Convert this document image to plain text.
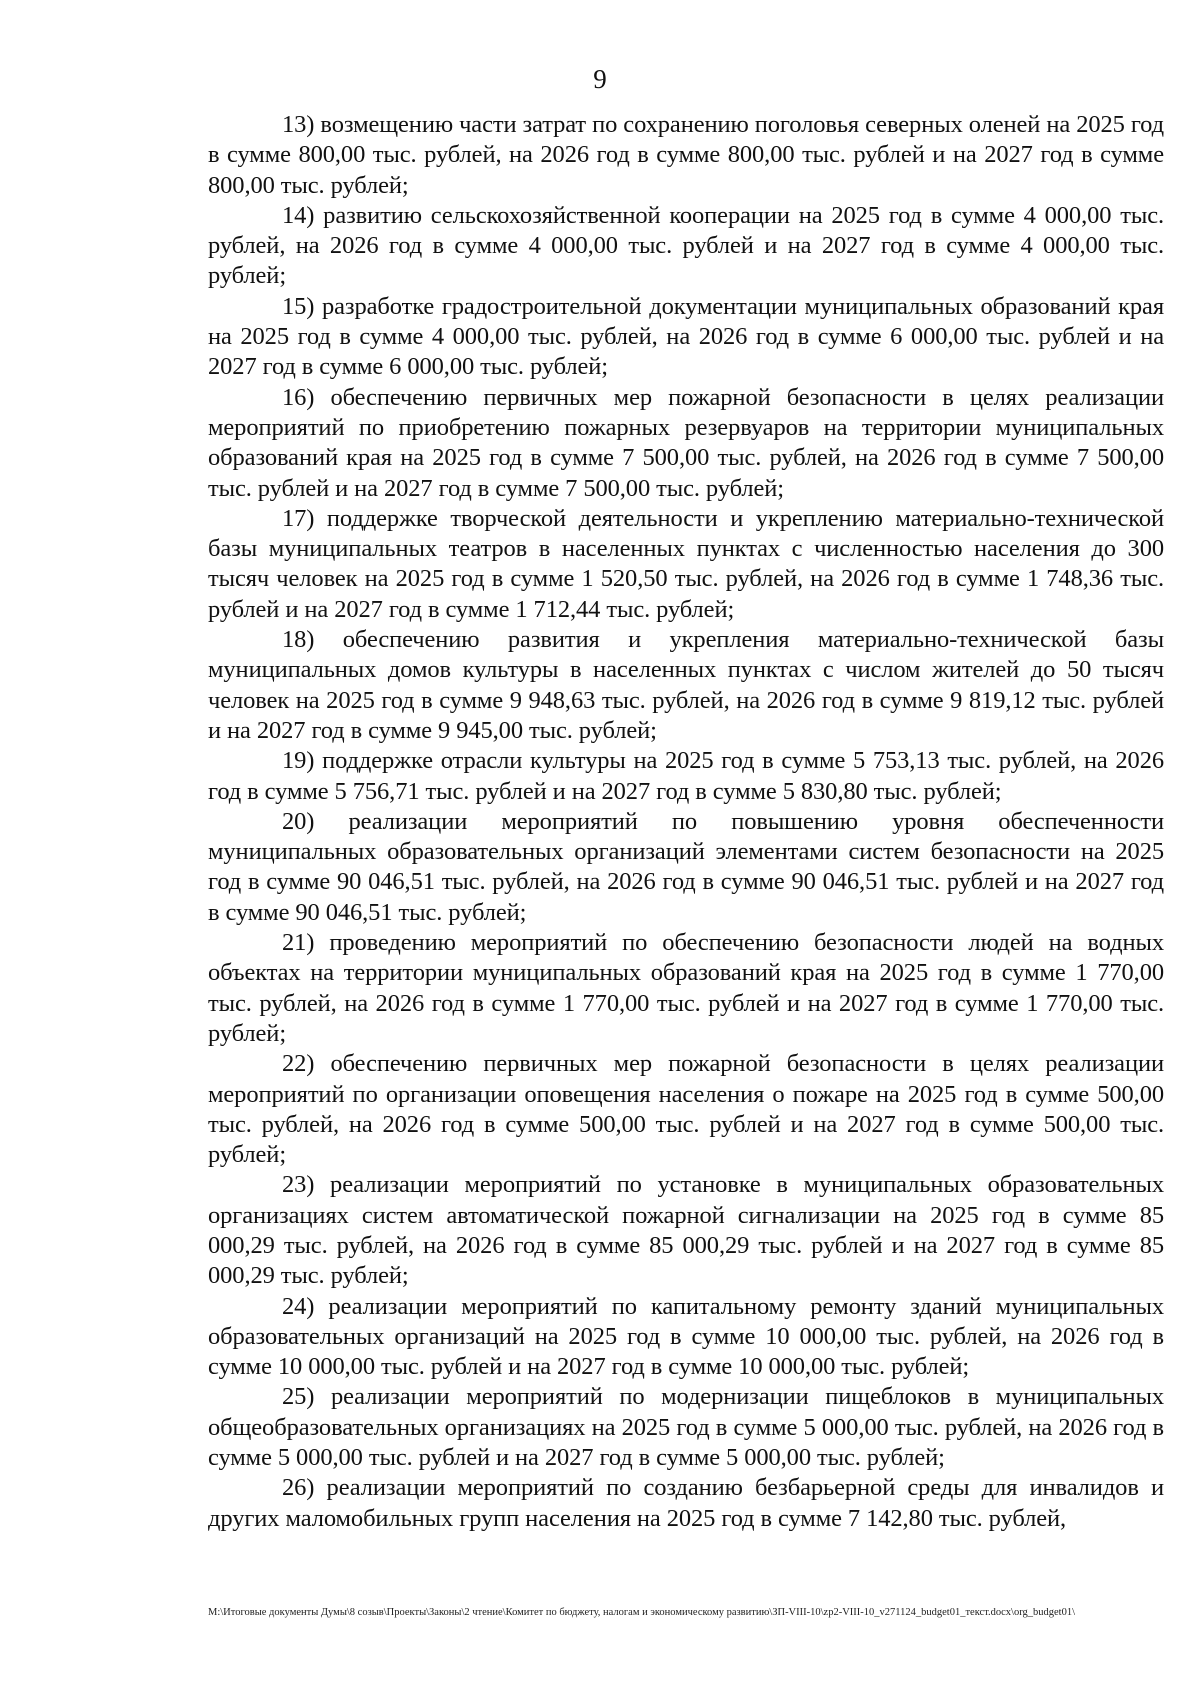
9

13) возмещению части затрат по сохранению поголовья северных оленей на 2025 год в сумме 800,00 тыс. рублей, на 2026 год в сумме 800,00 тыс. рублей и на 2027 год в сумме 800,00 тыс. рублей;

14) развитию сельскохозяйственной кооперации на 2025 год в сумме 4 000,00 тыс. рублей, на 2026 год в сумме 4 000,00 тыс. рублей и на 2027 год в сумме 4 000,00 тыс. рублей;

15) разработке градостроительной документации муниципальных образований края на 2025 год в сумме 4 000,00 тыс. рублей, на 2026 год в сумме 6 000,00 тыс. рублей и на 2027 год в сумме 6 000,00 тыс. рублей;

16) обеспечению первичных мер пожарной безопасности в целях реализации мероприятий по приобретению пожарных резервуаров на территории муниципальных образований края на 2025 год в сумме 7 500,00 тыс. рублей, на 2026 год в сумме 7 500,00 тыс. рублей и на 2027 год в сумме 7 500,00 тыс. рублей;

17) поддержке творческой деятельности и укреплению материально-технической базы муниципальных театров в населенных пунктах с численностью населения до 300 тысяч человек на 2025 год в сумме 1 520,50 тыс. рублей, на 2026 год в сумме 1 748,36 тыс. рублей и на 2027 год в сумме 1 712,44 тыс. рублей;

18) обеспечению развития и укрепления материально-технической базы муниципальных домов культуры в населенных пунктах с числом жителей до 50 тысяч человек на 2025 год в сумме 9 948,63 тыс. рублей, на 2026 год в сумме 9 819,12 тыс. рублей и на 2027 год в сумме 9 945,00 тыс. рублей;

19) поддержке отрасли культуры на 2025 год в сумме 5 753,13 тыс. рублей, на 2026 год в сумме 5 756,71 тыс. рублей и на 2027 год в сумме 5 830,80 тыс. рублей;

20) реализации мероприятий по повышению уровня обеспеченности муниципальных образовательных организаций элементами систем безопасности на 2025 год в сумме 90 046,51 тыс. рублей, на 2026 год в сумме 90 046,51 тыс. рублей и на 2027 год в сумме 90 046,51 тыс. рублей;

21) проведению мероприятий по обеспечению безопасности людей на водных объектах на территории муниципальных образований края на 2025 год в сумме 1 770,00 тыс. рублей, на 2026 год в сумме 1 770,00 тыс. рублей и на 2027 год в сумме 1 770,00 тыс. рублей;

22) обеспечению первичных мер пожарной безопасности в целях реализации мероприятий по организации оповещения населения о пожаре на 2025 год в сумме 500,00 тыс. рублей, на 2026 год в сумме 500,00 тыс. рублей и на 2027 год в сумме 500,00 тыс. рублей;

23) реализации мероприятий по установке в муниципальных образовательных организациях систем автоматической пожарной сигнализации на 2025 год в сумме 85 000,29 тыс. рублей, на 2026 год в сумме 85 000,29 тыс. рублей и на 2027 год в сумме 85 000,29 тыс. рублей;

24) реализации мероприятий по капитальному ремонту зданий муниципальных образовательных организаций на 2025 год в сумме 10 000,00 тыс. рублей, на 2026 год в сумме 10 000,00 тыс. рублей и на 2027 год в сумме 10 000,00 тыс. рублей;

25) реализации мероприятий по модернизации пищеблоков в муниципальных общеобразовательных организациях на 2025 год в сумме 5 000,00 тыс. рублей, на 2026 год в сумме 5 000,00 тыс. рублей и на 2027 год в сумме 5 000,00 тыс. рублей;

26) реализации мероприятий по созданию безбарьерной среды для инвалидов и других маломобильных групп населения на 2025 год в сумме 7 142,80 тыс. рублей,

М:\Итоговые документы Думы\8 созыв\Проекты\Законы\2 чтение\Комитет по бюджету, налогам и экономическому развитию\ЗП-VIII-10\zp2-VIII-10_v271124_budget01_текст.docx\org_budget01\
